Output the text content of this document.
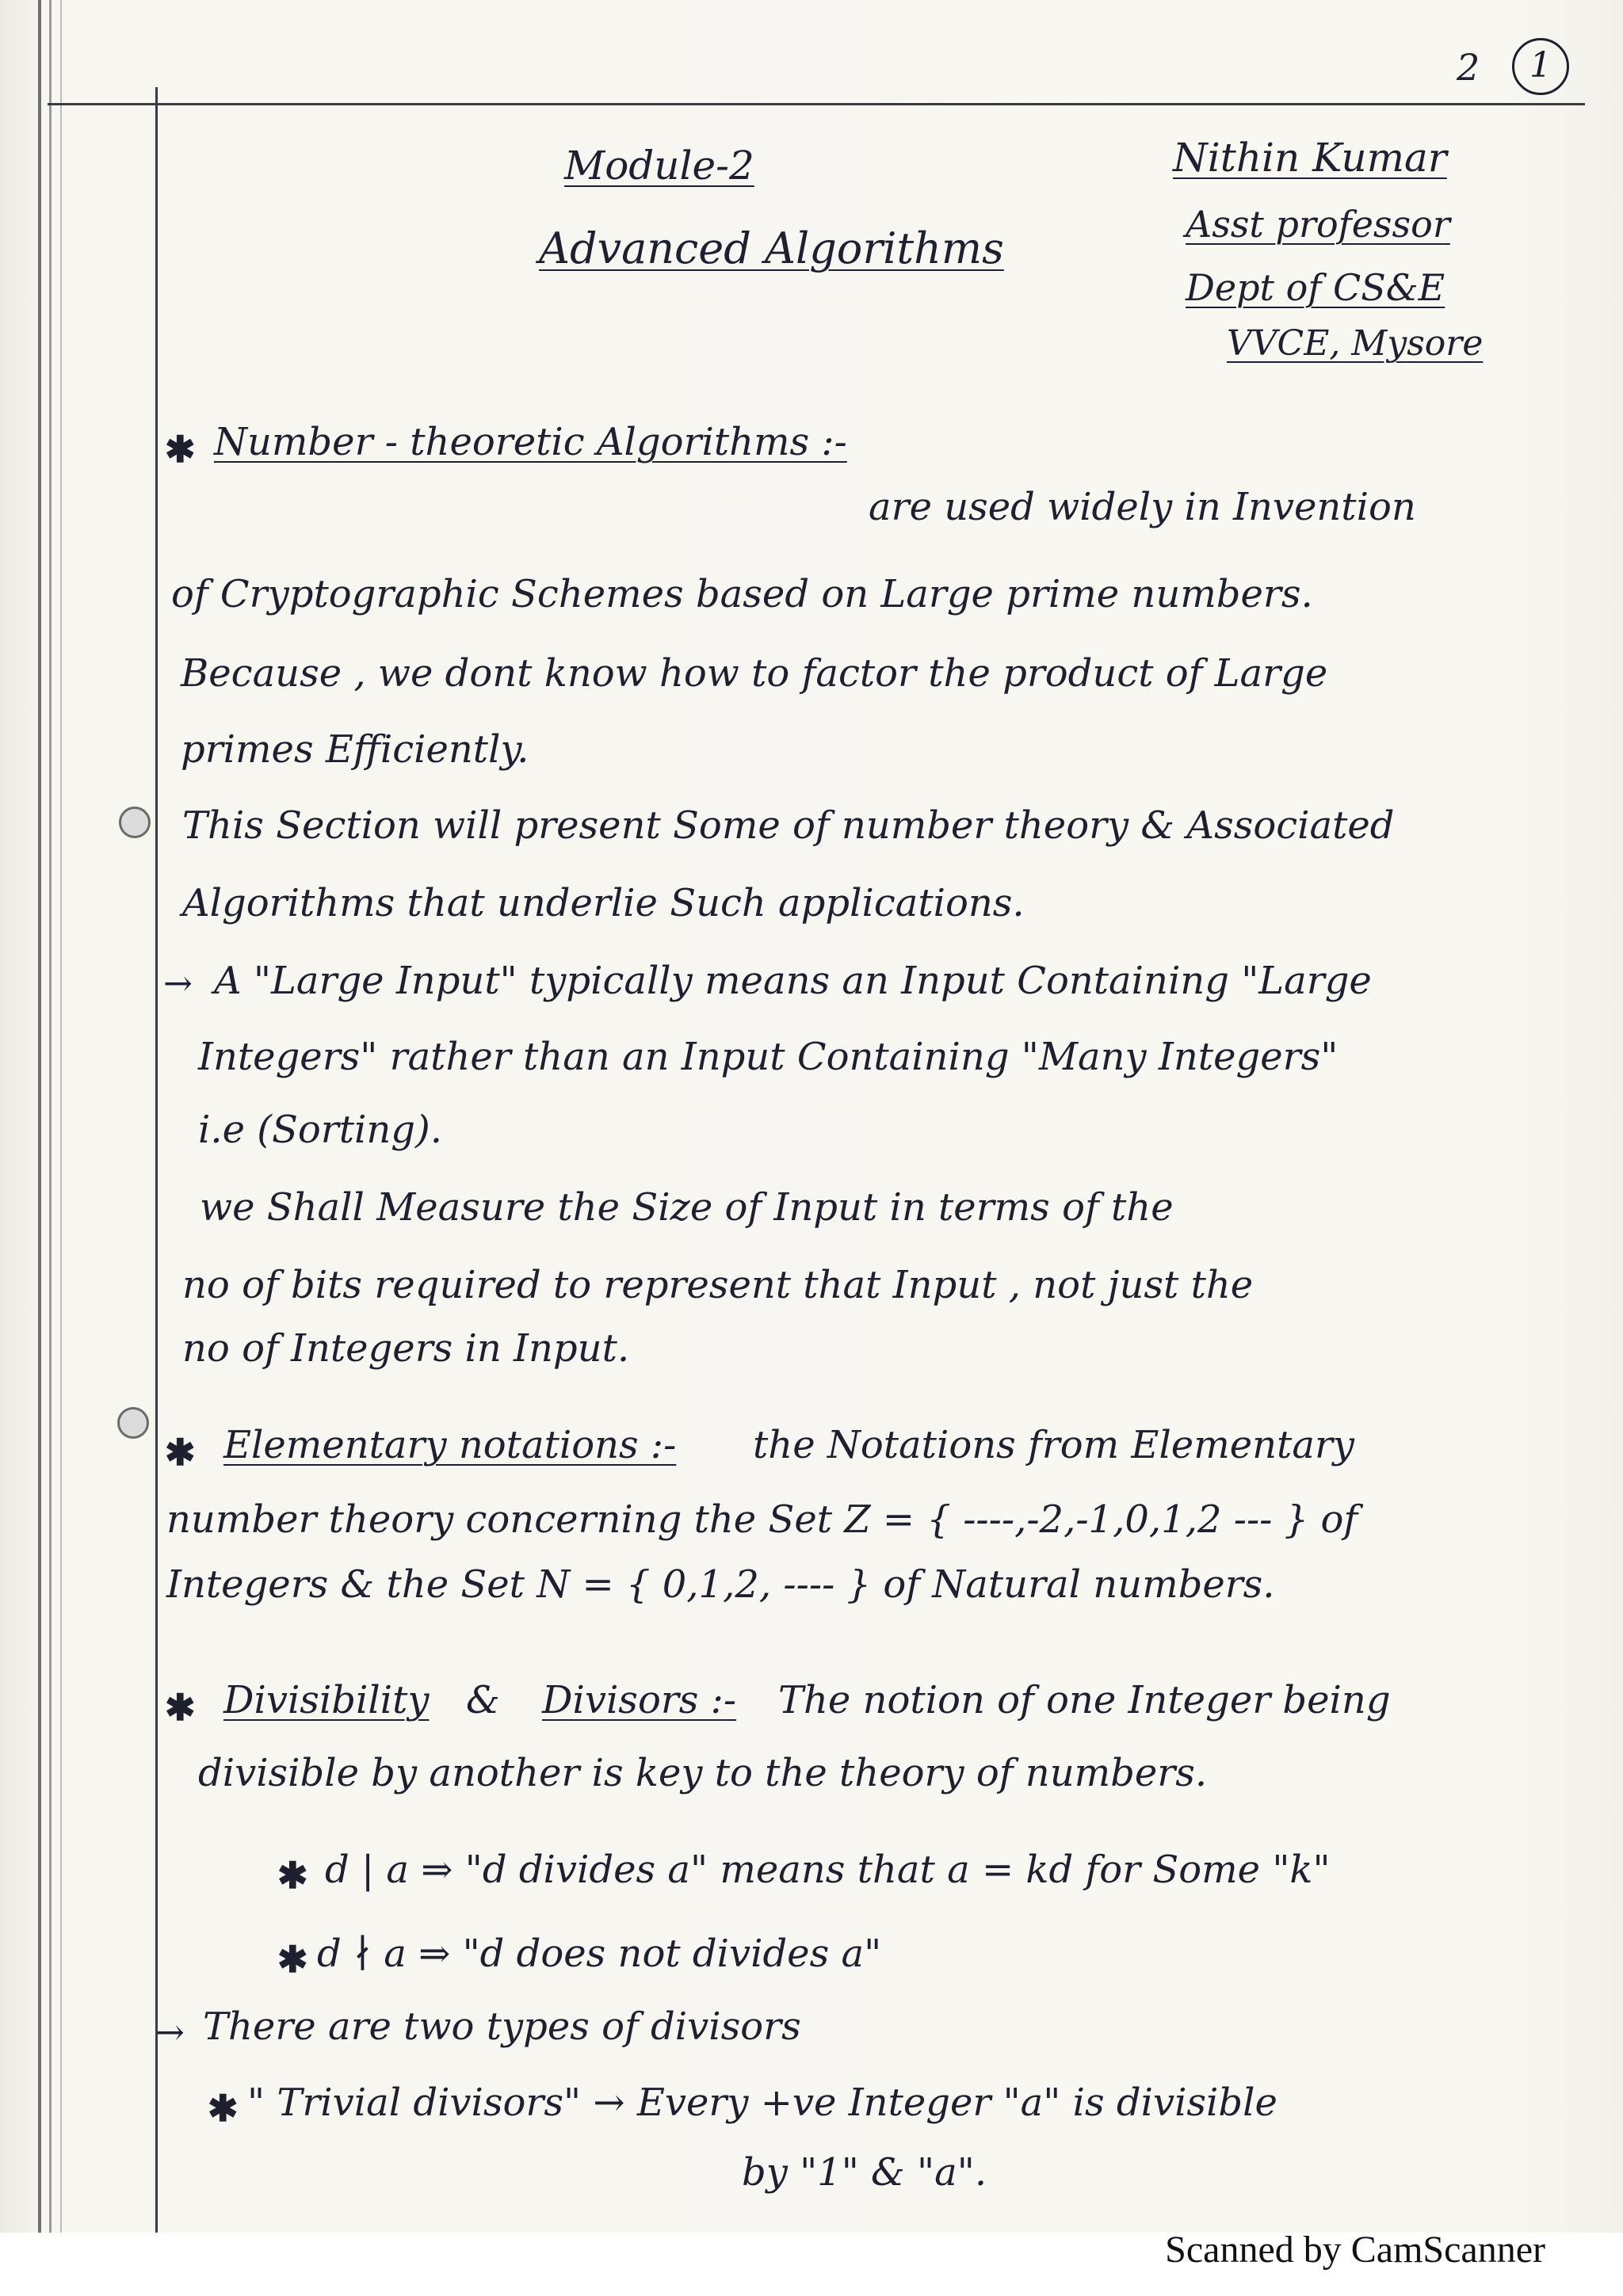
2	1
Module-2
Advanced Algorithms
Nithin Kumar
Asst professor
Dept of CS&E
VVCE, Mysore
✱ Number - theoretic Algorithms :-
are used widely in Invention
of Cryptographic Schemes based on Large prime numbers.
Because , we dont know how to factor the product of Large
primes Efficiently.
This Section will present Some of number theory & Associated
Algorithms that underlie Such applications.
→ A "Large Input" typically means an Input Containing "Large
Integers" rather than an Input Containing "Many Integers"
i.e (Sorting).
we Shall Measure the Size of Input in terms of the
no of bits required to represent that Input , not just the
no of Integers in Input.
✱ Elementary notations :- the Notations from Elementary
number theory concerning the Set Z = { ----,-2,-1,0,1,2 --- } of
Integers & the Set N = { 0,1,2, ---- } of Natural numbers.
✱ Divisibility & Divisors :- The notion of one Integer being
divisible by another is key to the theory of numbers.
✱ d | a ⇒ "d divides a" means that a = kd for Some "k"
✱ d ∤ a ⇒ "d does not divides a"
→ There are two types of divisors
✱ " Trivial divisors" → Every +ve Integer "a" is divisible
by "1" & "a".
Scanned by CamScanner
